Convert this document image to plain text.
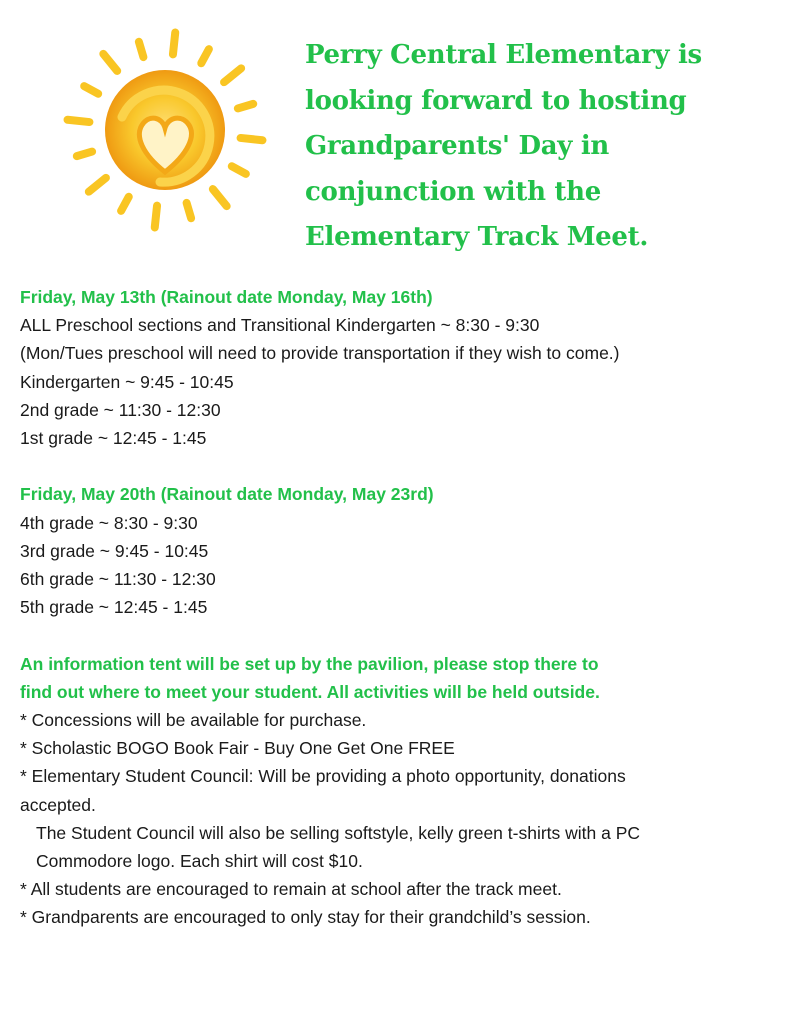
Perry Central Elementary is
looking forward to hosting
Grandparents' Day in
conjunction with the
Elementary Track Meet.
Friday, May 13th (Rainout date Monday, May 16th)
ALL Preschool sections and Transitional Kindergarten ~ 8:30 - 9:30
(Mon/Tues preschool will need to provide transportation if they wish to come.)
Kindergarten ~ 9:45 - 10:45
2nd grade ~ 11:30 - 12:30
1st grade ~ 12:45 - 1:45
Friday, May 20th (Rainout date Monday, May 23rd)
4th grade ~ 8:30 - 9:30
3rd grade ~ 9:45 - 10:45
6th grade ~ 11:30 - 12:30
5th grade ~ 12:45 - 1:45
An information tent will be set up by the pavilion, please stop there to
find out where to meet your student. All activities will be held outside.
* Concessions will be available for purchase.
* Scholastic BOGO Book Fair - Buy One Get One FREE
* Elementary Student Council: Will be providing a photo opportunity, donations
accepted.
The Student Council will also be selling softstyle, kelly green t-shirts with a PC
Commodore logo. Each shirt will cost $10.
* All students are encouraged to remain at school after the track meet.
* Grandparents are encouraged to only stay for their grandchild’s session.
